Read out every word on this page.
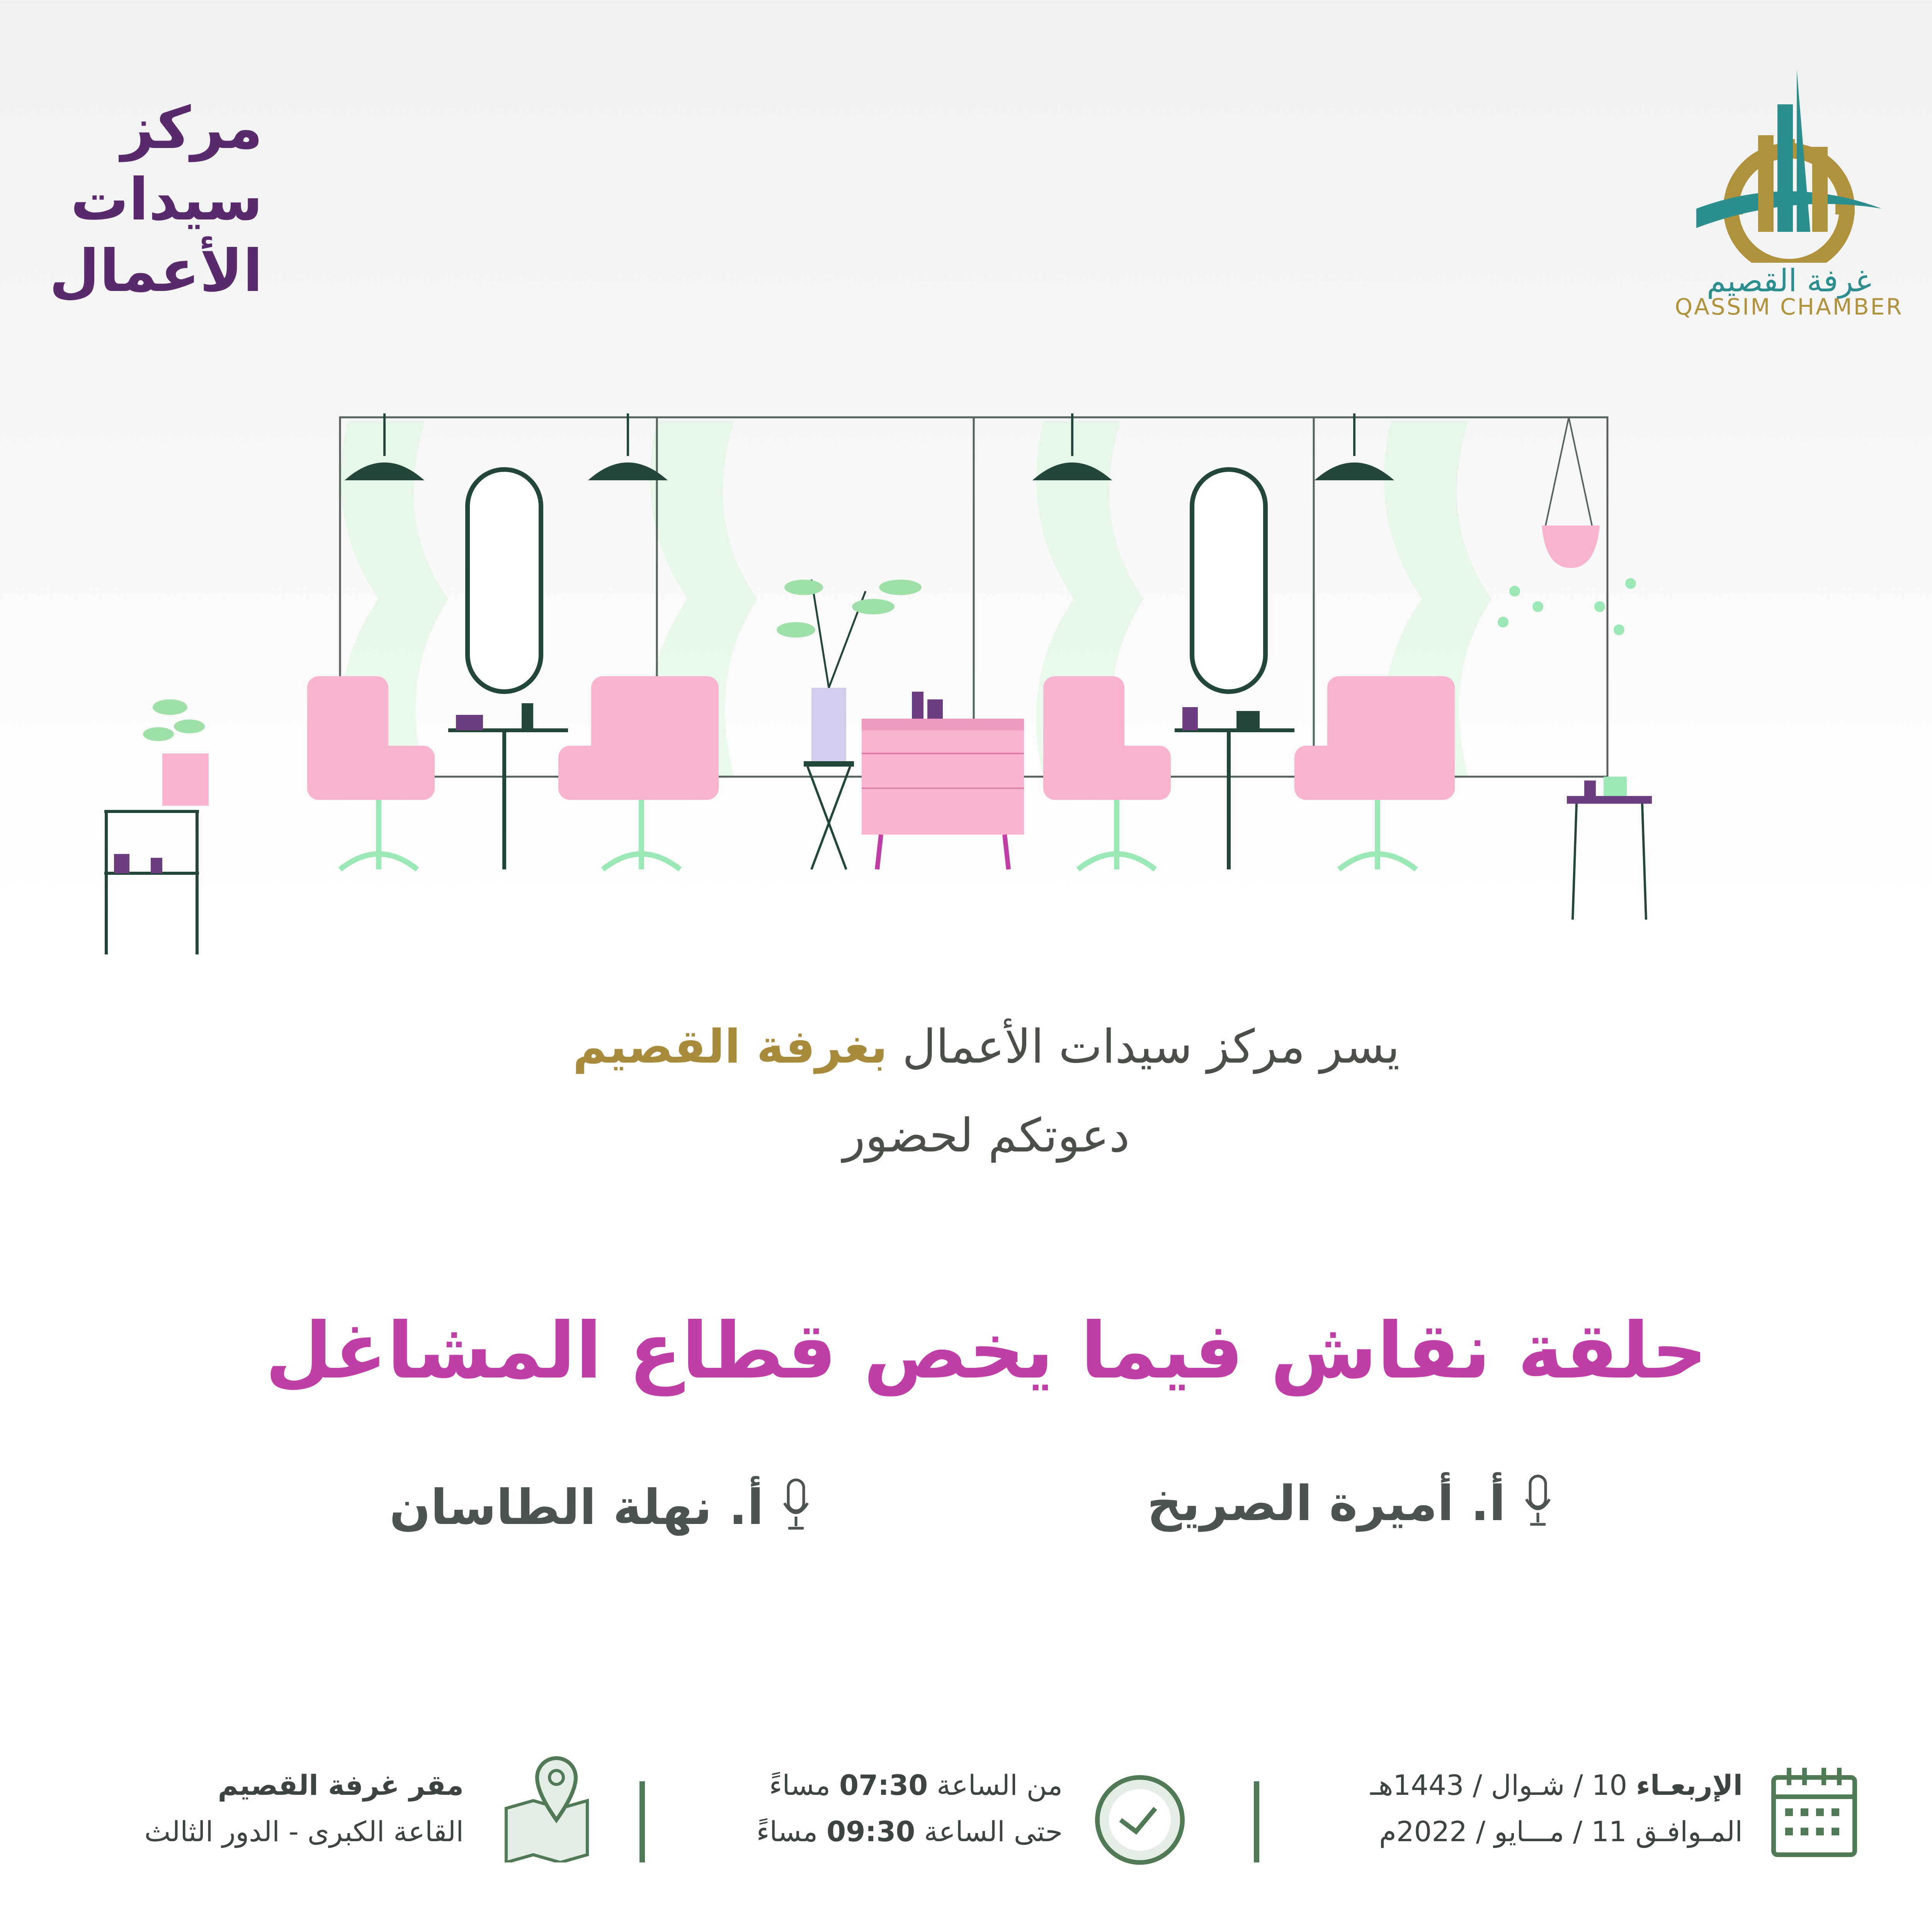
مركز
سيدات
الأعمال	غرفة القصيم
QASSIM CHAMBER
يسر مركز سيدات الأعمال بغرفة القصيم
دعوتكم لحضور
حلقة نقاش فيما يخص قطاع المشاغل
أ. أميرة الصريخ
أ. نهلة الطاسان
الإربعـاء 10 / شـوال / 1443هـ
المـوافـق 11 / مـــايو / 2022م
من الساعة 07:30 مساءً
حتى الساعة 09:30 مساءً
مقر غرفة القصيم
القاعة الكبرى - الدور الثالث
